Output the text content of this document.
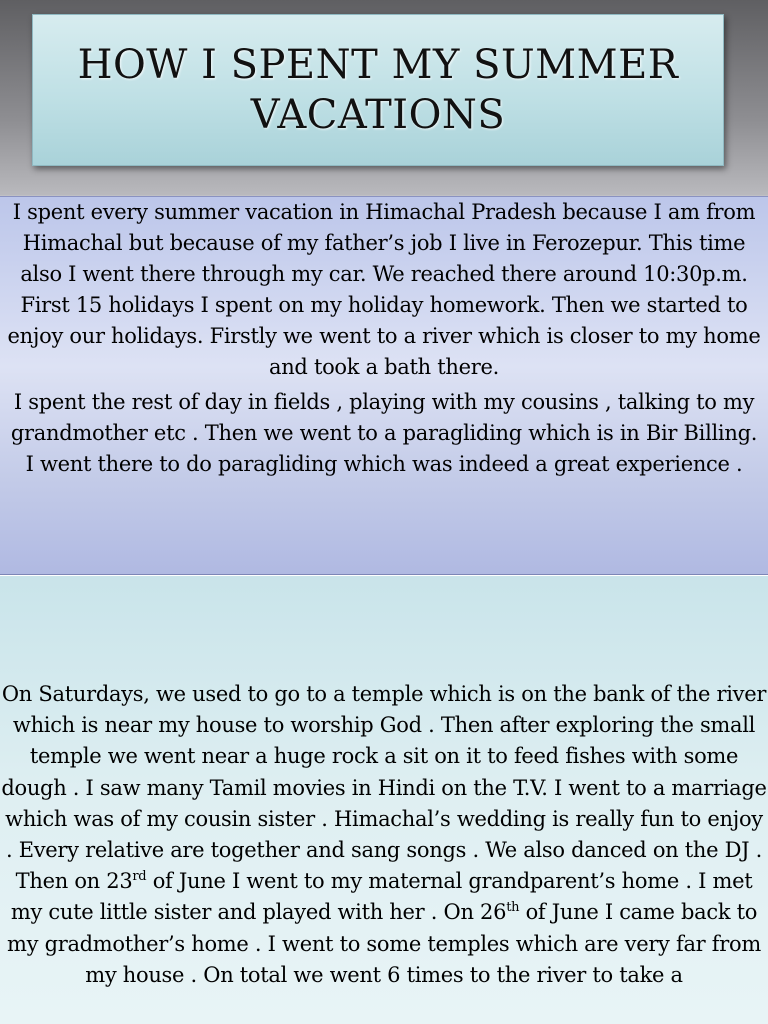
HOW I SPENT MY SUMMER
VACATIONS

I spent every summer vacation in Himachal Pradesh because I am from Himachal but because of my father’s job I live in Ferozepur. This time also I went there through my car. We reached there around 10:30p.m. First 15 holidays I spent on my holiday homework. Then we started to enjoy our holidays. Firstly we went to a river which is closer to my home and took a bath there.

I spent the rest of day in fields , playing with my cousins , talking to my grandmother etc . Then we went to a paragliding which is in Bir Billing. I went there to do paragliding which was indeed a great experience .

On Saturdays, we used to go to a temple which is on the bank of the river which is near my house to worship God . Then after exploring the small temple we went near a huge rock a sit on it to feed fishes with some dough . I saw many Tamil movies in Hindi on the T.V. I went to a marriage which was of my cousin sister . Himachal’s wedding is really fun to enjoy . Every relative are together and sang songs . We also danced on the DJ . Then on 23rd of June I went to my maternal grandparent’s home . I met my cute little sister and played with her . On 26th of June I came back to my gradmother’s home . I went to some temples which are very far from my house . On total we went 6 times to the river to take a
